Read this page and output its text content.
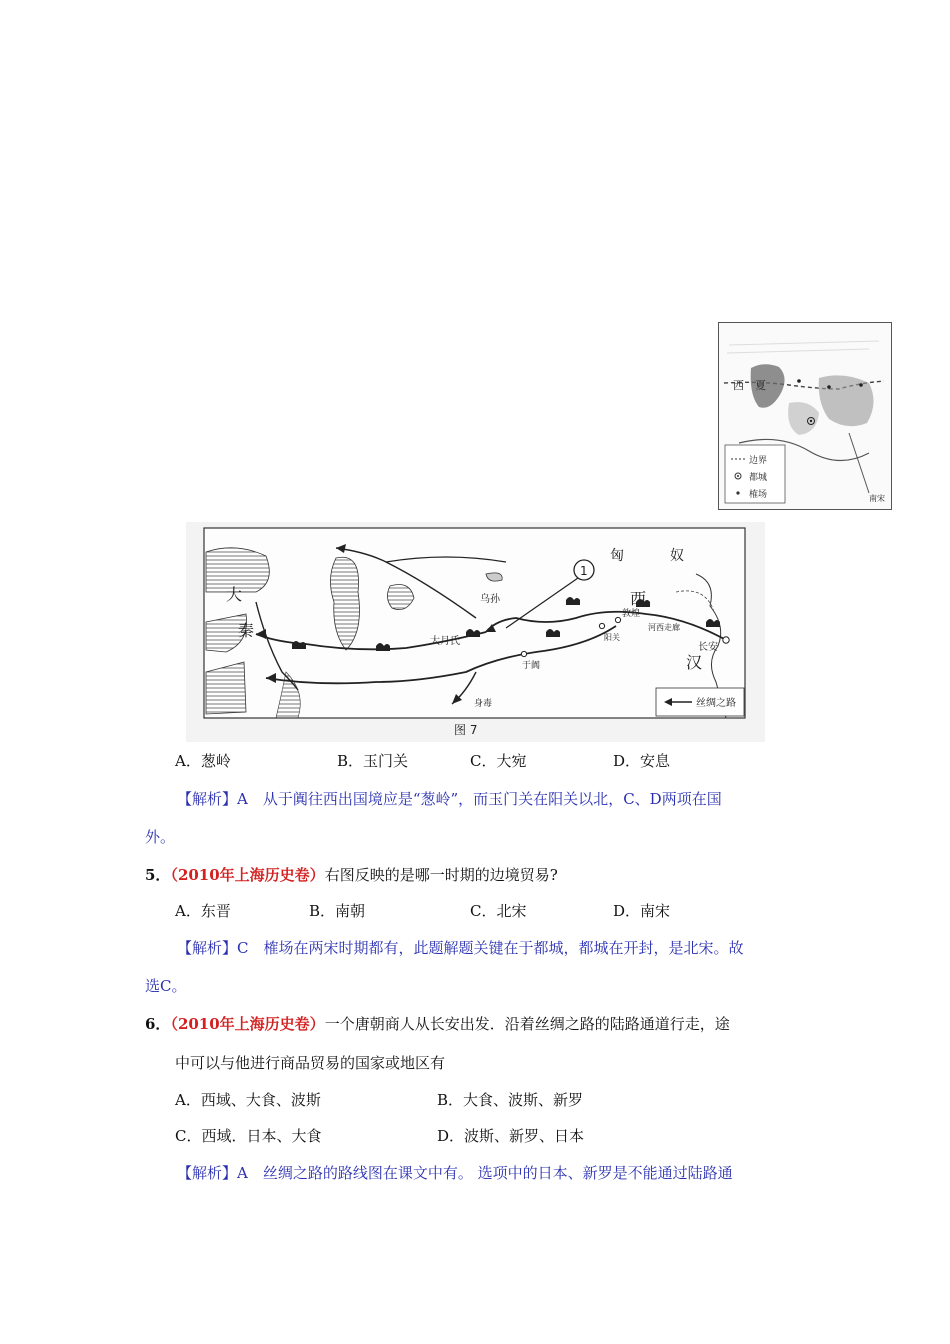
边界
都城
榷场
西 夏
南宋
1
匈	奴
西
汉
大
秦
乌孙
大月氏
敦煌
阳关
河西走廊
长安
于阗
身毒	丝绸之路
图 7
A．葱岭	B．玉门关	C．大宛	D．安息
【解析】A　从于阗往西出国境应是“葱岭”，而玉门关在阳关以北，C、D两项在国
外。
5．（2010年上海历史卷）右图反映的是哪一时期的边境贸易?
A．东晋	B．南朝	C．北宋	D．南宋
【解析】C　榷场在两宋时期都有，此题解题关键在于都城，都城在开封，是北宋。故
选C。
6．（2010年上海历史卷）一个唐朝商人从长安出发．沿着丝绸之路的陆路通道行走，途
中可以与他进行商品贸易的国家或地区有
A．西域、大食、波斯	B．大食、波斯、新罗
C．西域．日本、大食	D．波斯、新罗、日本
【解析】A　丝绸之路的路线图在课文中有。 选项中的日本、新罗是不能通过陆路通
